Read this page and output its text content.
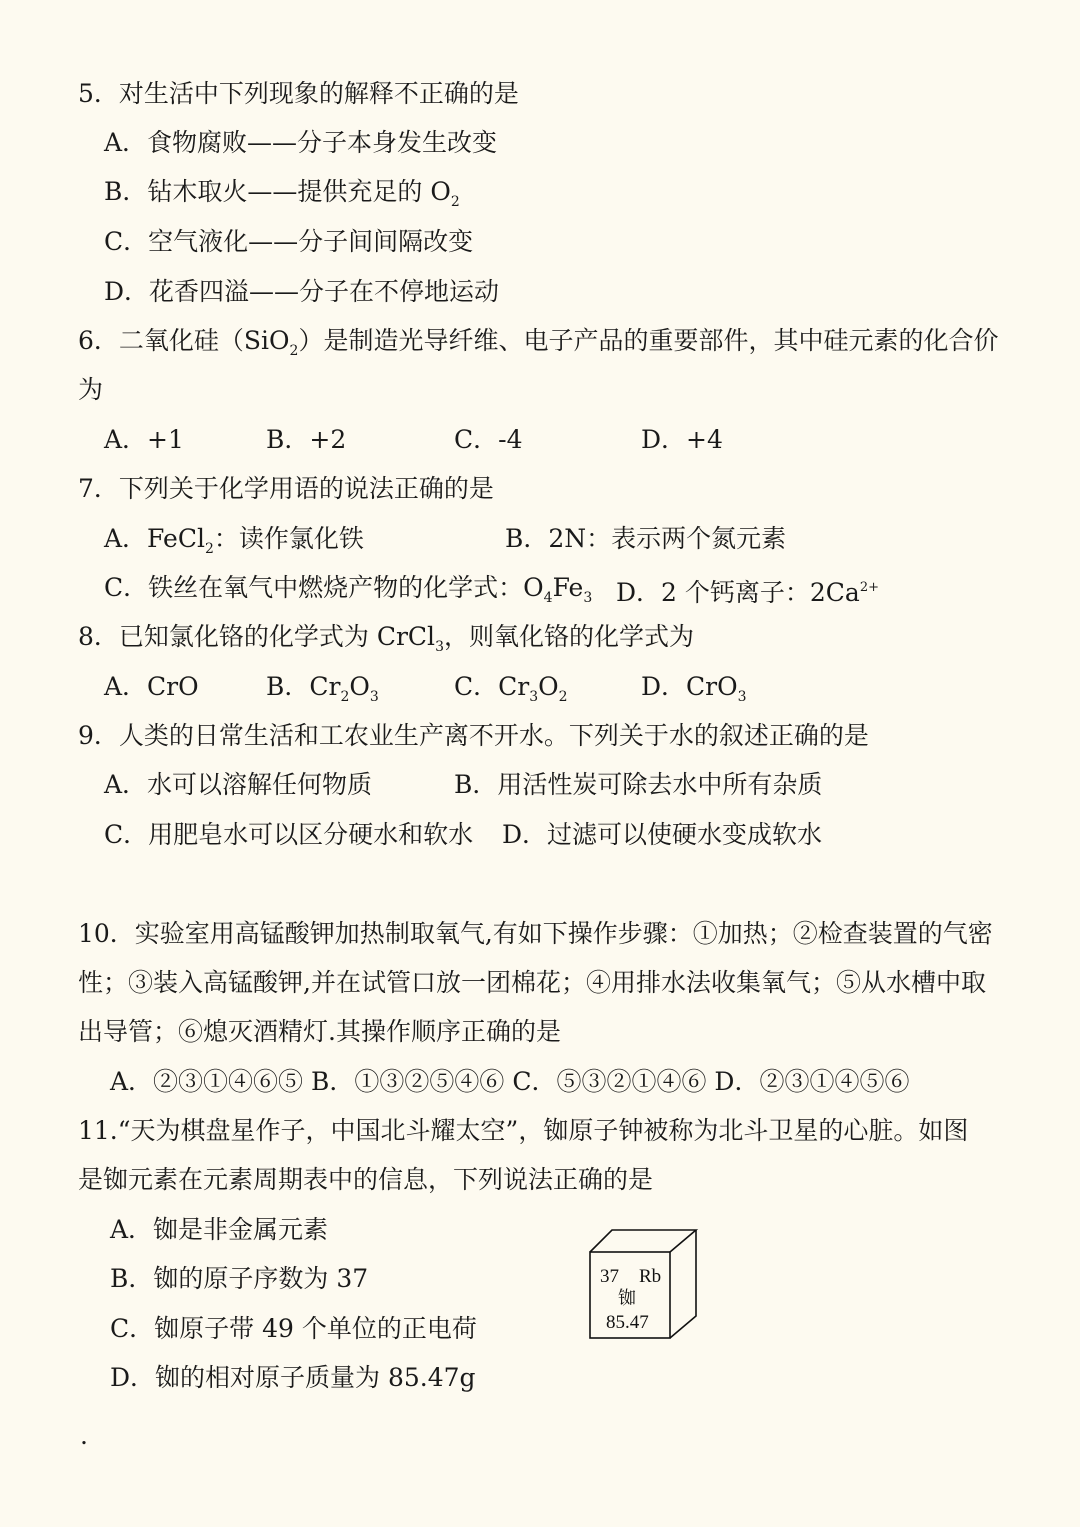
5．对生活中下列现象的解释不正确的是
A．食物腐败——分子本身发生改变
B．钻木取火——提供充足的 $O_2$
C．空气液化——分子间间隔改变
D．花香四溢——分子在不停地运动
6．二氧化硅（SiO$_2$）是制造光导纤维、电子产品的重要部件，其中硅元素的化合价
为
A．+1	B．+2	C．-4	D．+4
7．下列关于化学用语的说法正确的是
A．FeCl$_2$：读作氯化铁	B．2N：表示两个氮元素
C．铁丝在氧气中燃烧产物的化学式：$O_4Fe_3$ D．2 个钙离子：$2Ca^{2+}$
8．已知氯化铬的化学式为 CrCl$_3$，则氧化铬的化学式为
A．CrO	B．$Cr_2O_3$	C．$Cr_3O_2$	D．CrO$_3$
9．人类的日常生活和工农业生产离不开水。下列关于水的叙述正确的是
A．水可以溶解任何物质	B．用活性炭可除去水中所有杂质
C．用肥皂水可以区分硬水和软水 D．过滤可以使硬水变成软水
10．实验室用高锰酸钾加热制取氧气,有如下操作步骤：①加热；②检查装置的气密
性；③装入高锰酸钾,并在试管口放一团棉花；④用排水法收集氧气；⑤从水槽中取
出导管；⑥熄灭酒精灯.其操作顺序正确的是
A．②③①④⑥⑤ B．①③②⑤④⑥ C．⑤③②①④⑥ D．②③①④⑤⑥
11.“天为棋盘星作子，中国北斗耀太空”，铷原子钟被称为北斗卫星的心脏。如图
是铷元素在元素周期表中的信息，下列说法正确的是
A．铷是非金属元素
B．铷的原子序数为 37
C．铷原子带 49 个单位的正电荷
D．铷的相对原子质量为 85.47g
37 Rb
铷
85.47
.
